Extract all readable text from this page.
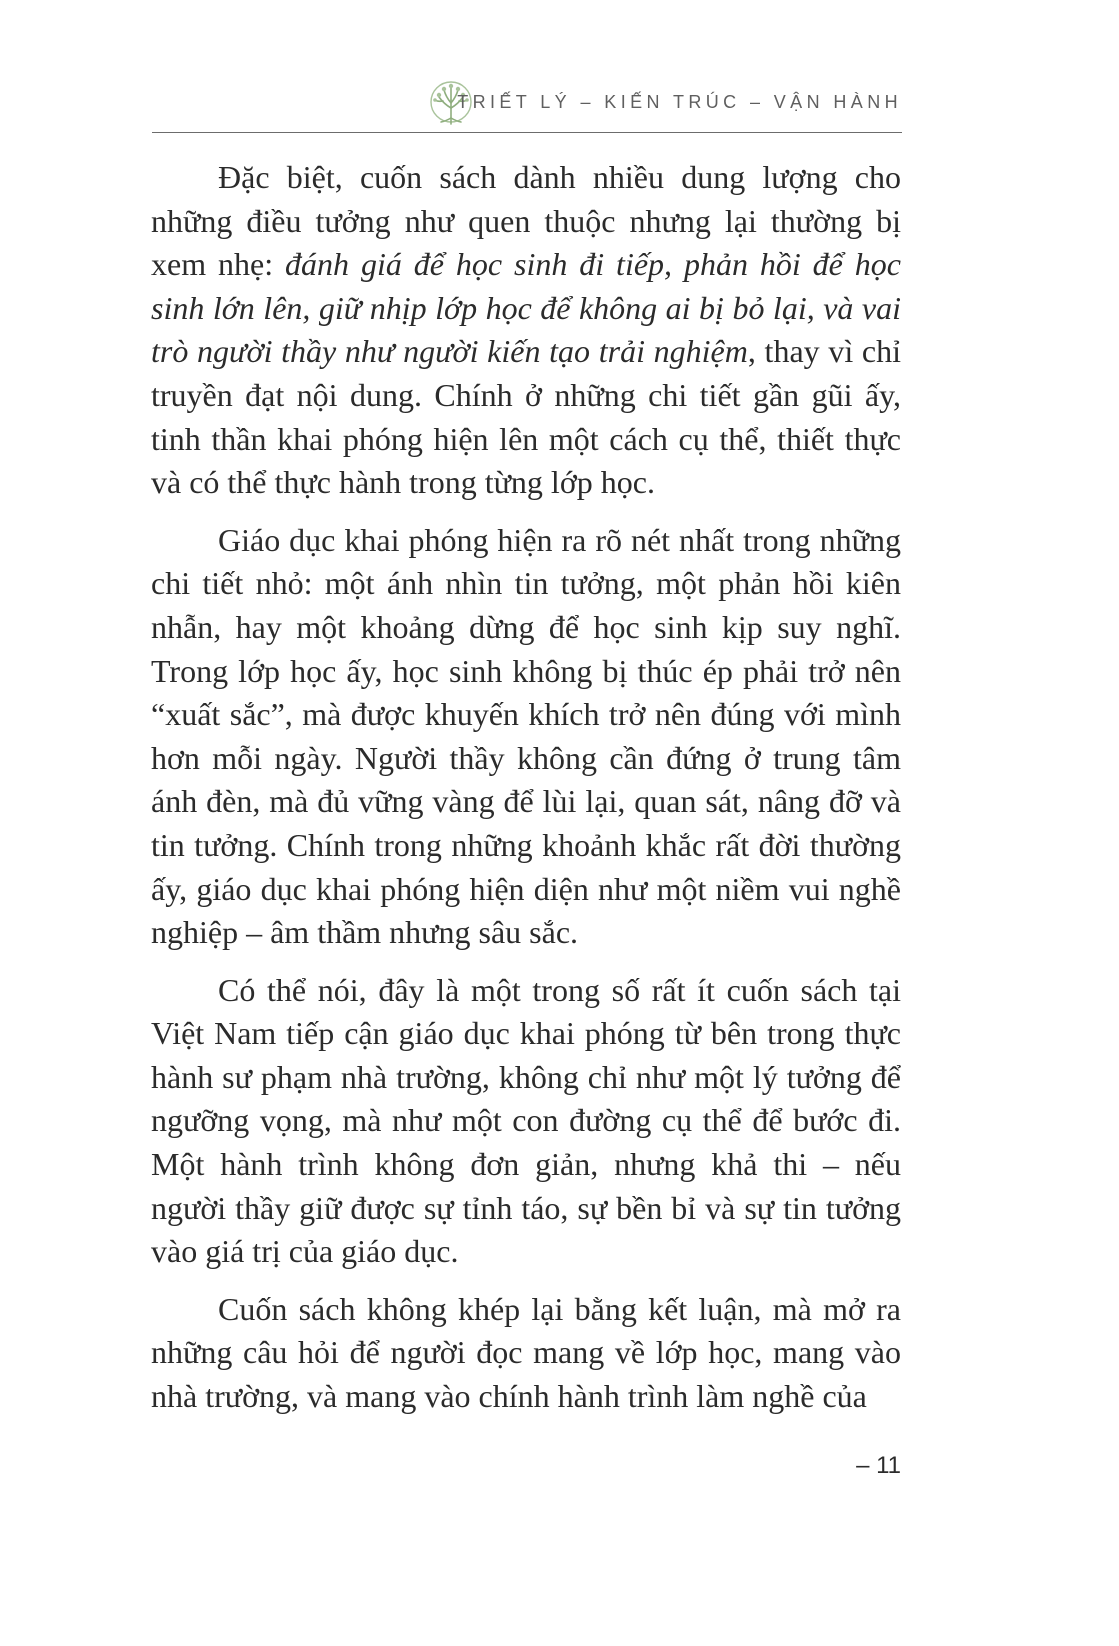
TRIẾT LÝ – KIẾN TRÚC – VẬN HÀNH

Đặc biệt, cuốn sách dành nhiều dung lượng cho những điều tưởng như quen thuộc nhưng lại thường bị xem nhẹ: đánh giá để học sinh đi tiếp, phản hồi để học sinh lớn lên, giữ nhịp lớp học để không ai bị bỏ lại, và vai trò người thầy như người kiến tạo trải nghiệm, thay vì chỉ truyền đạt nội dung. Chính ở những chi tiết gần gũi ấy, tinh thần khai phóng hiện lên một cách cụ thể, thiết thực và có thể thực hành trong từng lớp học.

Giáo dục khai phóng hiện ra rõ nét nhất trong những chi tiết nhỏ: một ánh nhìn tin tưởng, một phản hồi kiên nhẫn, hay một khoảng dừng để học sinh kịp suy nghĩ. Trong lớp học ấy, học sinh không bị thúc ép phải trở nên “xuất sắc”, mà được khuyến khích trở nên đúng với mình hơn mỗi ngày. Người thầy không cần đứng ở trung tâm ánh đèn, mà đủ vững vàng để lùi lại, quan sát, nâng đỡ và tin tưởng. Chính trong những khoảnh khắc rất đời thường ấy, giáo dục khai phóng hiện diện như một niềm vui nghề nghiệp – âm thầm nhưng sâu sắc.

Có thể nói, đây là một trong số rất ít cuốn sách tại Việt Nam tiếp cận giáo dục khai phóng từ bên trong thực hành sư phạm nhà trường, không chỉ như một lý tưởng để ngưỡng vọng, mà như một con đường cụ thể để bước đi. Một hành trình không đơn giản, nhưng khả thi – nếu người thầy giữ được sự tỉnh táo, sự bền bỉ và sự tin tưởng vào giá trị của giáo dục.

Cuốn sách không khép lại bằng kết luận, mà mở ra những câu hỏi để người đọc mang về lớp học, mang vào nhà trường, và mang vào chính hành trình làm nghề của

– 11
